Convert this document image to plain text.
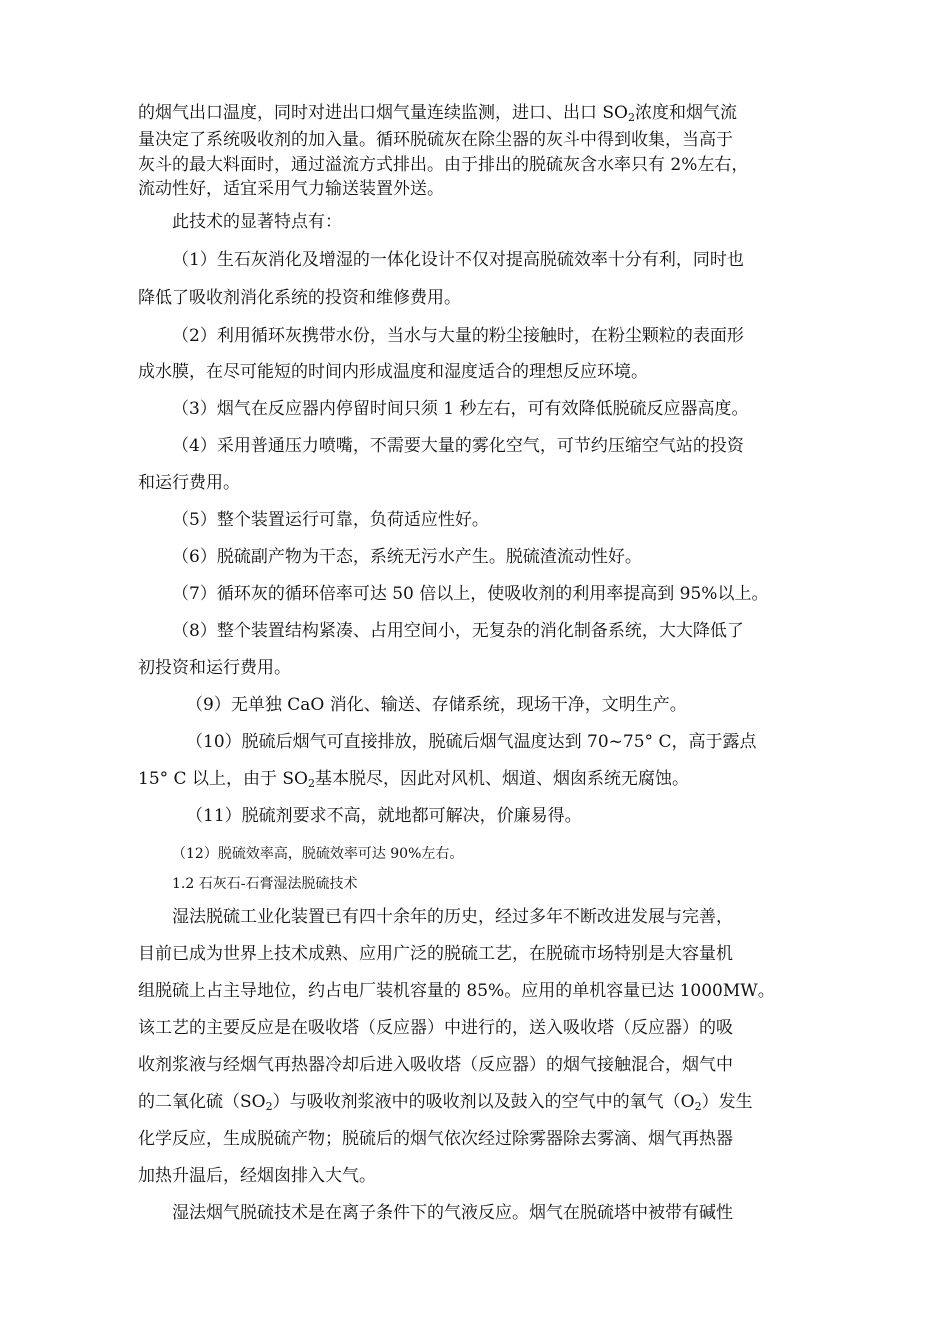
的烟气出口温度，同时对进出口烟气量连续监测，进口、出口 $SO_2$浓度和烟气流
量决定了系统吸收剂的加入量。循环脱硫灰在除尘器的灰斗中得到收集，当高于
灰斗的最大料面时，通过溢流方式排出。由于排出的脱硫灰含水率只有 2%左右，
流动性好，适宜采用气力输送装置外送。
此技术的显著特点有：
（1）生石灰消化及增湿的一体化设计不仅对提高脱硫效率十分有利，同时也
降低了吸收剂消化系统的投资和维修费用。
（2）利用循环灰携带水份，当水与大量的粉尘接触时，在粉尘颗粒的表面形
成水膜，在尽可能短的时间内形成温度和湿度适合的理想反应环境。
（3）烟气在反应器内停留时间只须 1 秒左右，可有效降低脱硫反应器高度。
（4）采用普通压力喷嘴，不需要大量的雾化空气，可节约压缩空气站的投资
和运行费用。
（5）整个装置运行可靠，负荷适应性好。
（6）脱硫副产物为干态，系统无污水产生。脱硫渣流动性好。
（7）循环灰的循环倍率可达 50 倍以上，使吸收剂的利用率提高到 95%以上。
（8）整个装置结构紧凑、占用空间小，无复杂的消化制备系统，大大降低了
初投资和运行费用。
（9）无单独 CaO 消化、输送、存储系统，现场干净，文明生产。
（10）脱硫后烟气可直接排放，脱硫后烟气温度达到 70~75° C，高于露点
15° C 以上，由于 $SO_2$基本脱尽，因此对风机、烟道、烟囱系统无腐蚀。
（11）脱硫剂要求不高，就地都可解决，价廉易得。
（12）脱硫效率高，脱硫效率可达 90%左右。
1.2 石灰石-石膏湿法脱硫技术
湿法脱硫工业化装置已有四十余年的历史，经过多年不断改进发展与完善，
目前已成为世界上技术成熟、应用广泛的脱硫工艺，在脱硫市场特别是大容量机
组脱硫上占主导地位，约占电厂装机容量的 85%。应用的单机容量已达 1000MW。
该工艺的主要反应是在吸收塔（反应器）中进行的，送入吸收塔（反应器）的吸
收剂浆液与经烟气再热器冷却后进入吸收塔（反应器）的烟气接触混合，烟气中
的二氧化硫$(SO_2)$与吸收剂浆液中的吸收剂以及鼓入的空气中的氧气$(O_2)$发生
化学反应，生成脱硫产物；脱硫后的烟气依次经过除雾器除去雾滴、烟气再热器
加热升温后，经烟囱排入大气。
湿法烟气脱硫技术是在离子条件下的气液反应。烟气在脱硫塔中被带有碱性
